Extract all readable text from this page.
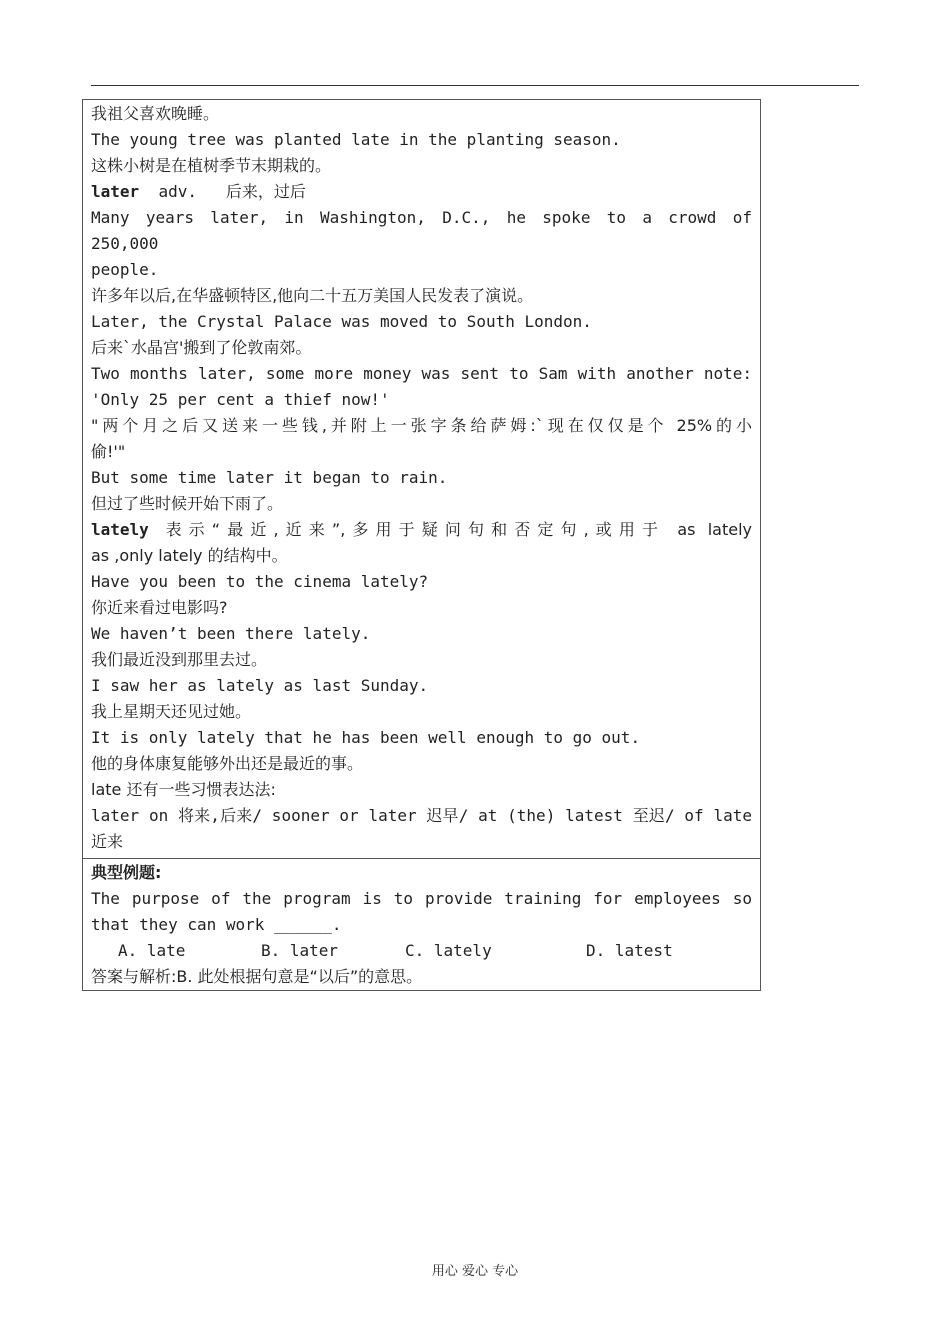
我祖父喜欢晚睡。
The young tree was planted late in the planting season.
这株小树是在植树季节末期栽的。
later adv. 后来，过后
Many years later, in Washington, D.C., he spoke to a crowd of 250,000
people.
许多年以后,在华盛顿特区,他向二十五万美国人民发表了演说。
Later, the Crystal Palace was moved to South London.
后来`水晶宫'搬到了伦敦南郊。
Two months later, some more money was sent to Sam with another note:
'Only 25 per cent a thief now!'
"两个月之后又送来一些钱,并附上一张字条给萨姆:`现在仅仅是个 25%的小
偷!'"
But some time later it began to rain.
但过了些时候开始下雨了。
lately 表示“最近,近来”,多用于疑问句和否定句,或用于 as lately
as ,only lately 的结构中。
Have you been to the cinema lately?
你近来看过电影吗?
We haven’t been there lately.
我们最近没到那里去过。
I saw her as lately as last Sunday.
我上星期天还见过她。
It is only lately that he has been well enough to go out.
他的身体康复能够外出还是最近的事。
late 还有一些习惯表达法:
later on 将来,后来/ sooner or later 迟早/ at (the) latest 至迟/ of late
近来
典型例题:
The purpose of the program is to provide training for employees so
that they can work ______.
A. late	B. later	C. lately	D. latest
答案与解析:B. 此处根据句意是“以后”的意思。
用心 爱心 专心
